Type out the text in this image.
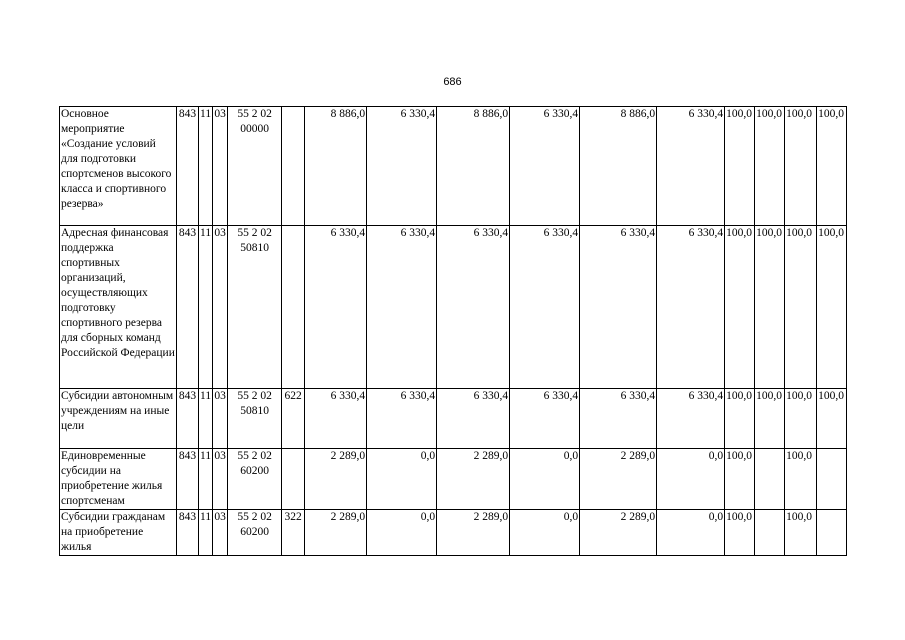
686
Основное мероприятие «Создание условий для подготовки спортсменов высокого класса и спортивного резерва»	843	11	03	55 2 02 00000		8 886,0	6 330,4	8 886,0	6 330,4	8 886,0	6 330,4	100,0	100,0	100,0	100,0
Адресная финансовая поддержка спортивных организаций, осуществляющих подготовку спортивного резерва для сборных команд Российской Федерации	843	11	03	55 2 02 50810		6 330,4	6 330,4	6 330,4	6 330,4	6 330,4	6 330,4	100,0	100,0	100,0	100,0
Субсидии автономным учреждениям на иные цели	843	11	03	55 2 02 50810	622	6 330,4	6 330,4	6 330,4	6 330,4	6 330,4	6 330,4	100,0	100,0	100,0	100,0
Единовременные субсидии на приобретение жилья спортсменам	843	11	03	55 2 02 60200		2 289,0	0,0	2 289,0	0,0	2 289,0	0,0	100,0		100,0	
Субсидии гражданам на приобретение жилья	843	11	03	55 2 02 60200	322	2 289,0	0,0	2 289,0	0,0	2 289,0	0,0	100,0		100,0	
